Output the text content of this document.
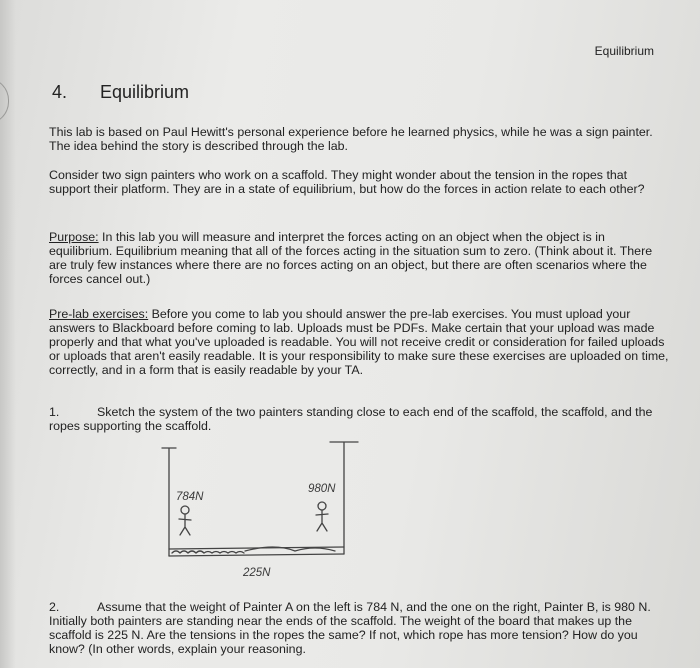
Equilibrium
4. Equilibrium
This lab is based on Paul Hewitt's personal experience before he learned physics, while he was a sign painter. The idea behind the story is described through the lab.
Consider two sign painters who work on a scaffold. They might wonder about the tension in the ropes that support their platform. They are in a state of equilibrium, but how do the forces in action relate to each other?
Purpose: In this lab you will measure and interpret the forces acting on an object when the object is in equilibrium. Equilibrium meaning that all of the forces acting in the situation sum to zero. (Think about it. There are truly few instances where there are no forces acting on an object, but there are often scenarios where the forces cancel out.)
Pre-lab exercises: Before you come to lab you should answer the pre-lab exercises. You must upload your answers to Blackboard before coming to lab. Uploads must be PDFs. Make certain that your upload was made properly and that what you've uploaded is readable. You will not receive credit or consideration for failed uploads or uploads that aren't easily readable. It is your responsibility to make sure these exercises are uploaded on time, correctly, and in a form that is easily readable by your TA.
1.	Sketch the system of the two painters standing close to each end of the scaffold, the scaffold, and the ropes supporting the scaffold.
784N
980N
225N
2.	Assume that the weight of Painter A on the left is 784 N, and the one on the right, Painter B, is 980 N. Initially both painters are standing near the ends of the scaffold. The weight of the board that makes up the scaffold is 225 N. Are the tensions in the ropes the same? If not, which rope has more tension? How do you know? (In other words, explain your reasoning.
